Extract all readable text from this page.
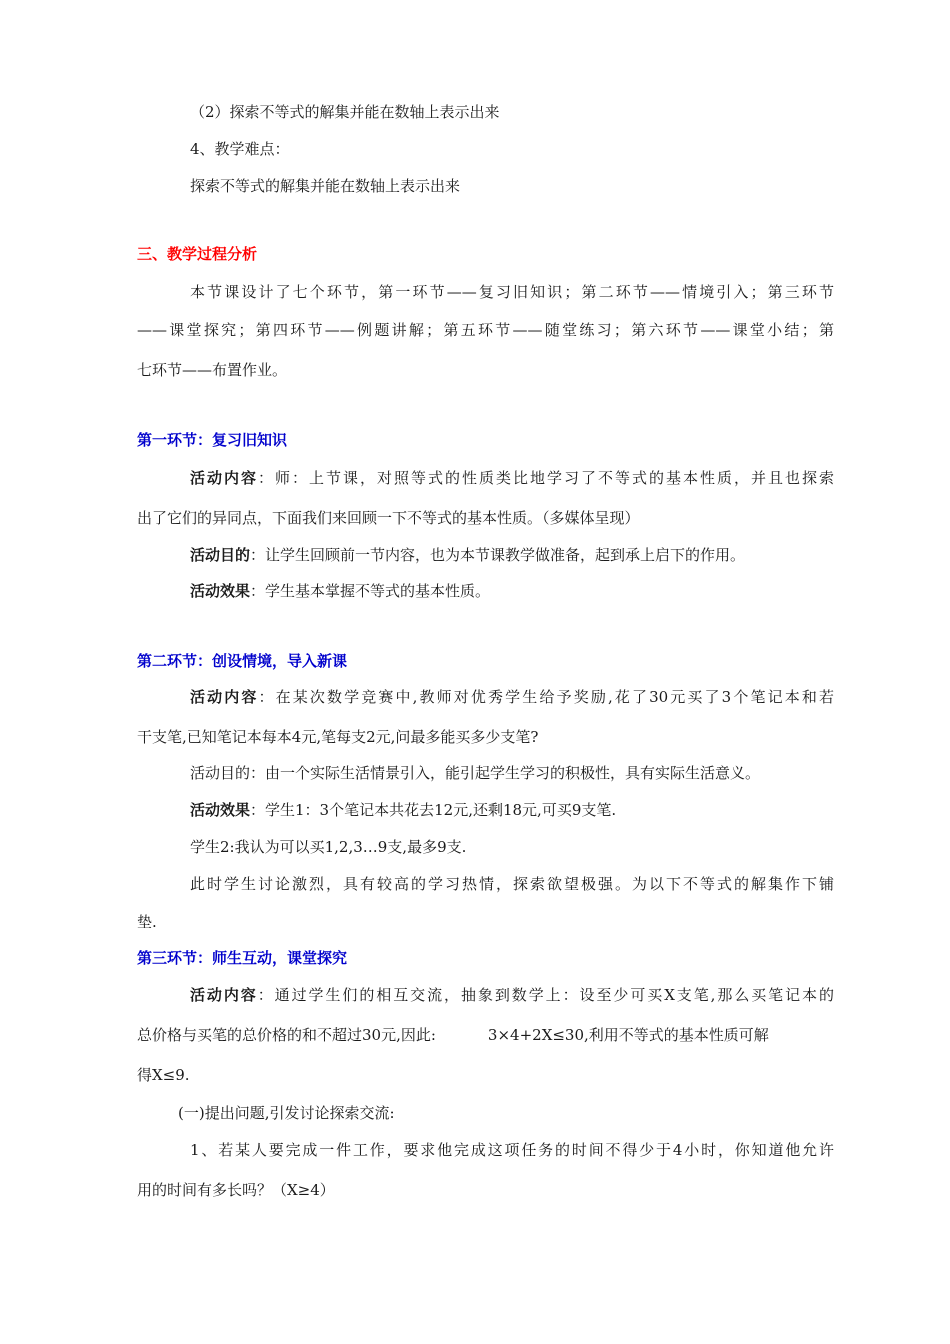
（2）探索不等式的解集并能在数轴上表示出来
4、教学难点：
探索不等式的解集并能在数轴上表示出来
三、教学过程分析
本节课设计了七个环节，第一环节——复习旧知识；第二环节——情境引入；第三环节
——课堂探究；第四环节——例题讲解；第五环节——随堂练习；第六环节——课堂小结；第
七环节——布置作业。
第一环节：复习旧知识
活动内容：师：上节课，对照等式的性质类比地学习了不等式的基本性质，并且也探索
出了它们的异同点，下面我们来回顾一下不等式的基本性质。（多媒体呈现）
活动目的：让学生回顾前一节内容，也为本节课教学做准备，起到承上启下的作用。
活动效果：学生基本掌握不等式的基本性质。
第二环节：创设情境，导入新课
活动内容：在某次数学竞赛中,教师对优秀学生给予奖励,花了30元买了3个笔记本和若
干支笔,已知笔记本每本4元,笔每支2元,问最多能买多少支笔?
活动目的：由一个实际生活情景引入，能引起学生学习的积极性，具有实际生活意义。
活动效果：学生1：3个笔记本共花去12元,还剩18元,可买9支笔.
学生2:我认为可以买1,2,3…9支,最多9支.
此时学生讨论激烈，具有较高的学习热情，探索欲望极强。为以下不等式的解集作下铺
垫.
第三环节：师生互动，课堂探究
活动内容：通过学生们的相互交流，抽象到数学上：设至少可买X支笔,那么买笔记本的
总价格与买笔的总价格的和不超过30元,因此:	3×4+2X≤30,利用不等式的基本性质可解
得X≤9.
(一)提出问题,引发讨论探索交流:
1、若某人要完成一件工作，要求他完成这项任务的时间不得少于4小时，你知道他允许
用的时间有多长吗？（X≥4）
